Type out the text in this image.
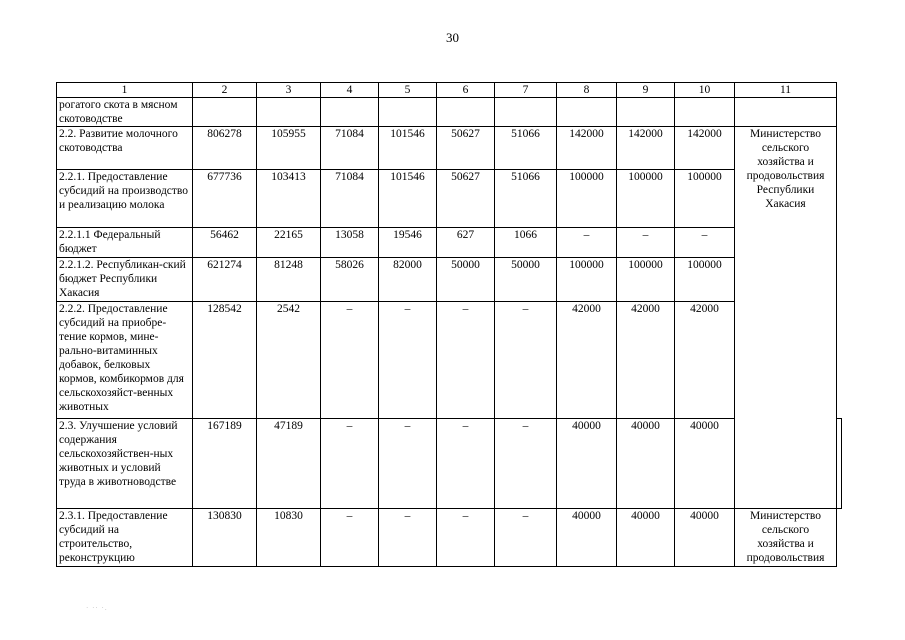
30
1	2	3	4	5	6	7	8	9	10	11	
рогатого скота в мясном скотоводстве											
2.2. Развитие молочного скотоводства	806278	105955	71084	101546	50627	51066	142000	142000	142000	Министерство сельского хозяйства и продовольствия Республики Хакасия	
2.2.1. Предоставление субсидий на производство и реализацию молока	677736	103413	71084	101546	50627	51066	100000	100000	100000		
2.2.1.1 Федеральный бюджет	56462	22165	13058	19546	627	1066	–	–	–		
2.2.1.2. Республикан-ский бюджет Республики Хакасия	621274	81248	58026	82000	50000	50000	100000	100000	100000		
2.2.2. Предоставление субсидий на приобре-тение кормов, мине-рально-витаминных добавок, белковых кормов, комбикормов для сельскохозяйст-венных животных	128542	2542	–	–	–	–	42000	42000	42000		
2.3. Улучшение условий содержания сельскохозяйствен-ных животных и условий труда в животноводстве	167189	47189	–	–	–	–	40000	40000	40000		
2.3.1. Предоставление субсидий на строительство, реконструкцию	130830	10830	–	–	–	–	40000	40000	40000	Министерство сельского хозяйства и продовольствия	
· ·· ·.
